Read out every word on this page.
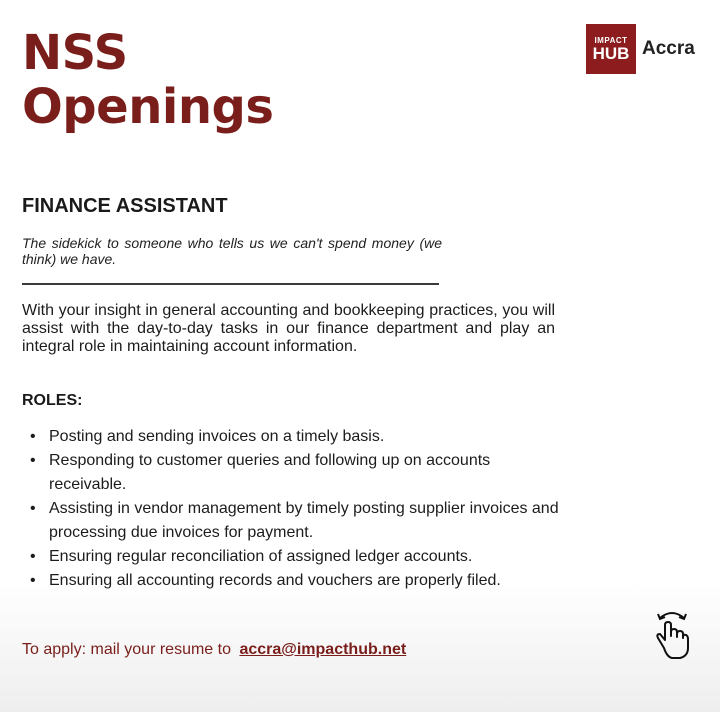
NSS
Openings
IMPACT
HUB Accra
FINANCE ASSISTANT
The sidekick to someone who tells us we can't spend money (we think) we have.
With your insight in general accounting and bookkeeping practices, you will assist with the day-to-day tasks in our finance department and play an integral role in maintaining account information.
ROLES:
• Posting and sending invoices on a timely basis.
• Responding to customer queries and following up on accounts receivable.
• Assisting in vendor management by timely posting supplier invoices and processing due invoices for payment.
• Ensuring regular reconciliation of assigned ledger accounts.
• Ensuring all accounting records and vouchers are properly filed.
To apply: mail your resume to accra@impacthub.net
